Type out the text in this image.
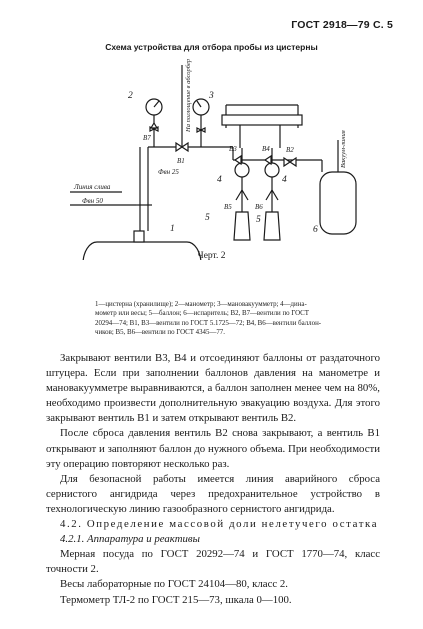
ГОСТ 2918—79 С. 5
Схема устройства для отбора пробы из цистерны
2	3
1
4	4
5	5
6
В7
В1
В3	В4 В2
В5	В6
Фвн 25
Фвн 50
Линия слива
На поглощение в абсорбер
Вакуум-линия
Черт. 2

1—цистерна (хранилище); 2—манометр; 3—мановакуумметр; 4—дина-

мометр или весы; 5—баллон; 6—испаритель; В2, В7—вентили по ГОСТ

20294—74; В1, В3—вентили по ГОСТ 5.1725—72; В4, В6—вентили баллон-

чиков; В5, В6—вентили по ГОСТ 4345—77.

Закрывают вентили В3, В4 и отсоединяют баллоны от раздаточного штуцера. Если при заполнении баллонов давления на манометре и мановакуумметре выравниваются, а баллон заполнен менее чем на 80%, необходимо произвести дополнительную эвакуацию воздуха. Для этого закрывают вентиль В1 и затем открывают вентиль В2.

После сброса давления вентиль В2 снова закрывают, а вентиль В1 открывают и заполняют баллон до нужного объема. При необходимости эту операцию повторяют несколько раз.

Для безопасной работы имеется линия аварийного сброса сернистого ангидрида через предохранительное устройство в технологическую линию газообразного сернистого ангидрида.

4.2. Определение массовой доли нелетучего остатка

4.2.1. Аппаратура и реактивы

Мерная посуда по ГОСТ 20292—74 и ГОСТ 1770—74, класс точности 2.

Весы лабораторные по ГОСТ 24104—80, класс 2.

Термометр ТЛ-2 по ГОСТ 215—73, шкала 0—100.
